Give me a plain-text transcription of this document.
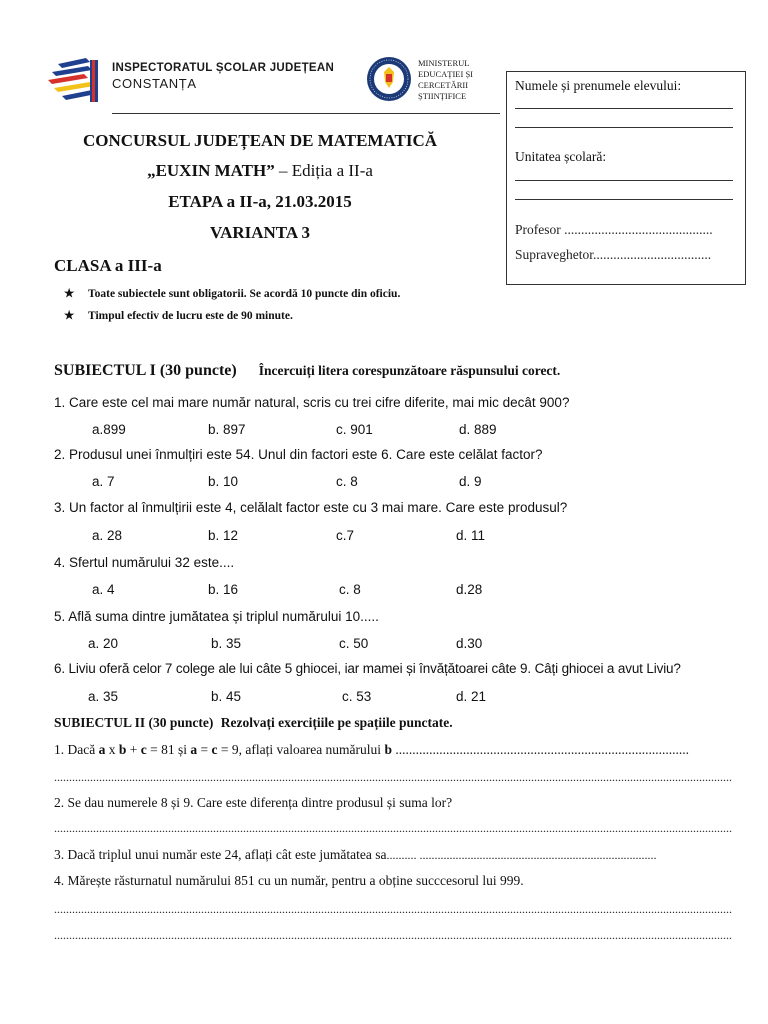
INSPECTORATUL ȘCOLAR JUDEȚEAN
CONSTANȚA
MINISTERUL
EDUCAȚIEI ȘI
CERCETĂRII
ȘTIINȚIFICE
Numele și prenumele elevului:
Unitatea școlară:
Profesor ............................................
Supraveghetor...................................
CONCURSUL JUDEȚEAN DE MATEMATICĂ
„EUXIN MATH” – Ediția a II-a
ETAPA a II-a, 21.03.2015
VARIANTA 3
CLASA a III-a
★ Toate subiectele sunt obligatorii. Se acordă 10 puncte din oficiu.
★ Timpul efectiv de lucru este de 90 minute.
SUBIECTUL I (30 puncte) Încercuiți litera corespunzătoare răspunsului corect.
1. Care este cel mai mare număr natural, scris cu trei cifre diferite, mai mic decât 900?
a.899	b. 897	c. 901	d. 889
2. Produsul unei înmulțiri este 54. Unul din factori este 6. Care este celălat factor?
a. 7	b. 10	c. 8	d. 9
3. Un factor al înmulțirii este 4, celălalt factor este cu 3 mai mare. Care este produsul?
a. 28	b. 12	c.7	d. 11
4. Sfertul numărului 32 este....
a. 4	b. 16	c. 8	d.28
5. Află suma dintre jumătatea și triplul numărului 10.....
a. 20	b. 35	c. 50	d.30
6. Liviu oferă celor 7 colege ale lui câte 5 ghiocei, iar mamei și învățătoarei câte 9. Câți ghiocei a avut Liviu?
a. 35	b. 45	c. 53	d. 21
SUBIECTUL II (30 puncte) Rezolvați exercițiile pe spațiile punctate.
1. Dacă a x b + c = 81 și a = c = 9, aflați valoarea numărului b .......................................................................................
..................................................................................................................................................................................................................................
2. Se dau numerele 8 și 9. Care este diferența dintre produsul și suma lor?
..................................................................................................................................................................................................................................
3. Dacă triplul unui număr este 24, aflați cât este jumătatea sa.......... ...............................................................................
4. Mărește răsturnatul numărului 851 cu un număr, pentru a obține succcesorul lui 999.
..................................................................................................................................................................................................................................
..................................................................................................................................................................................................................................
